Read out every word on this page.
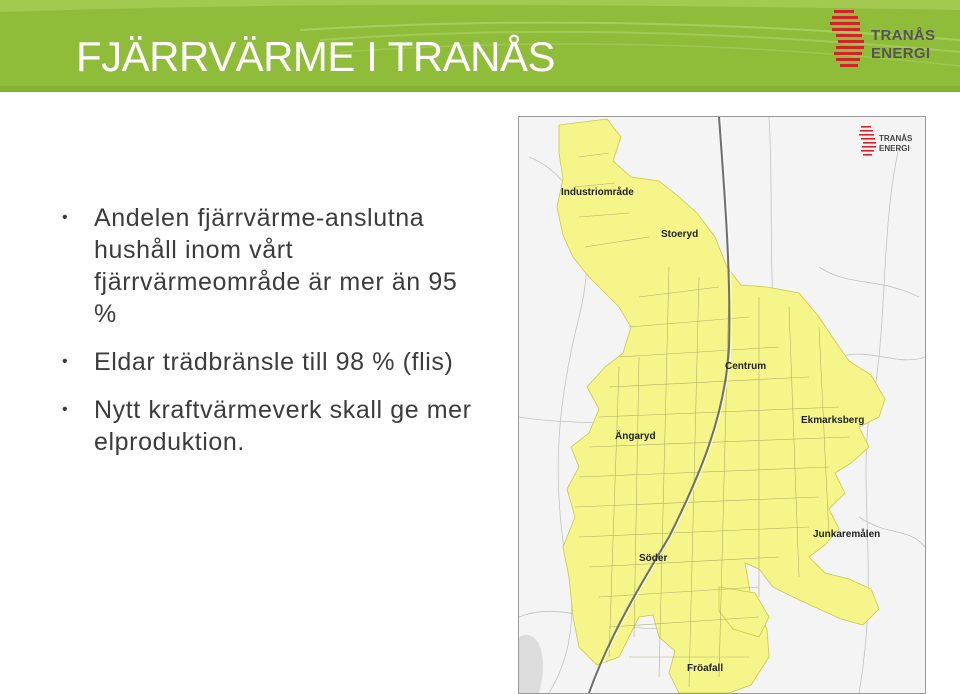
FJÄRRVÄRME I TRANÅS	TRANÅS
ENERGI
• Andelen fjärrvärme-anslutna hushåll inom vårt fjärrvärmeområde är mer än 95 %
• Eldar trädbränsle till 98 % (flis)
• Nytt kraftvärmeverk skall ge mer elproduktion.
TRANÅS
ENERGI
Industriområde
Stoeryd
Centrum
Ekmarksberg
Ängaryd
Junkaremålen
Söder
Fröafall
